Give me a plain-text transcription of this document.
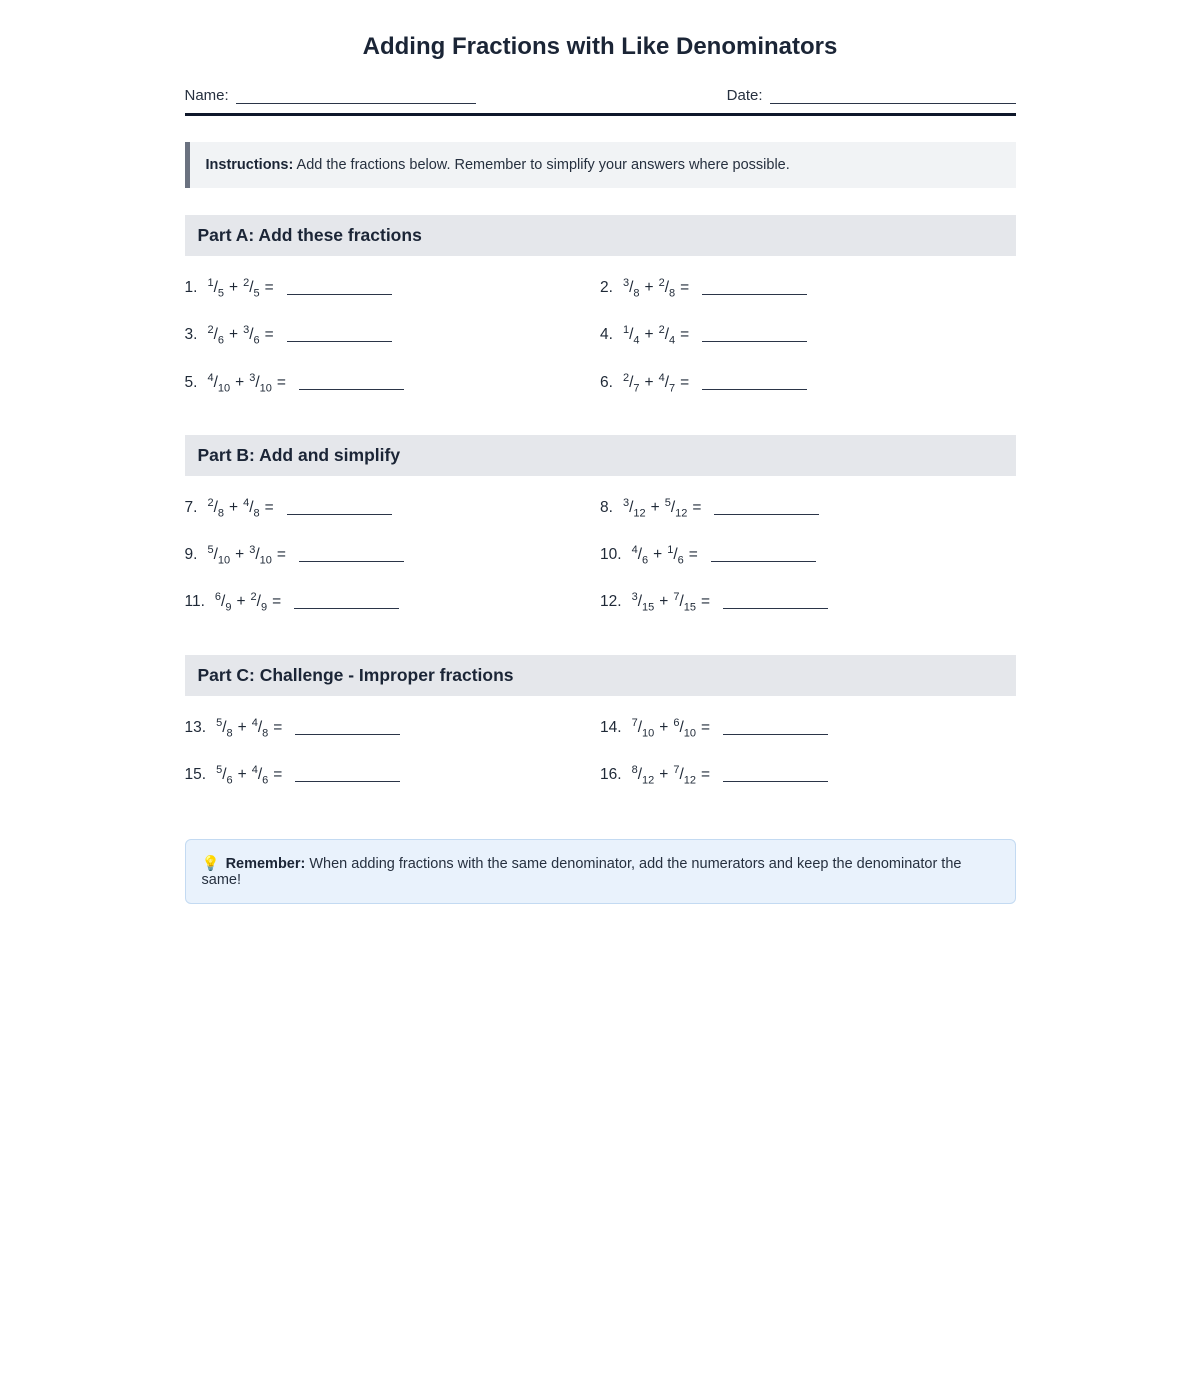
Adding Fractions with Like Denominators
Name:	Date:
Instructions: Add the fractions below. Remember to simplify your answers where possible.
Part A: Add these fractions
1. $^1/_5 + ^2/_5$ =	2. $^3/_8 + ^2/_8$ =
3. $^2/_6 + ^3/_6$ =	4. $^1/_4 + ^2/_4$ =
5. $^4/_{10} + ^3/_{10}$ =	6. $^2/_7 + ^4/_7$ =
Part B: Add and simplify
7. $^2/_8 + ^4/_8$ =	8. $^3/_{12} + ^5/_{12}$ =
9. $^5/_{10} + ^3/_{10}$ =	10. $^4/_6 + ^1/_6$ =
11. $^6/_9 + ^2/_9$ =	12. $^3/_{15} + ^7/_{15}$ =
Part C: Challenge - Improper fractions
13. $^5/_8 + ^4/_8$ =	14. $^7/_{10} + ^6/_{10}$ =
15. $^5/_6 + ^4/_6$ =	16. $^8/_{12} + ^7/_{12}$ =
💡 Remember: When adding fractions with the same denominator, add the numerators and keep the denominator the same!
